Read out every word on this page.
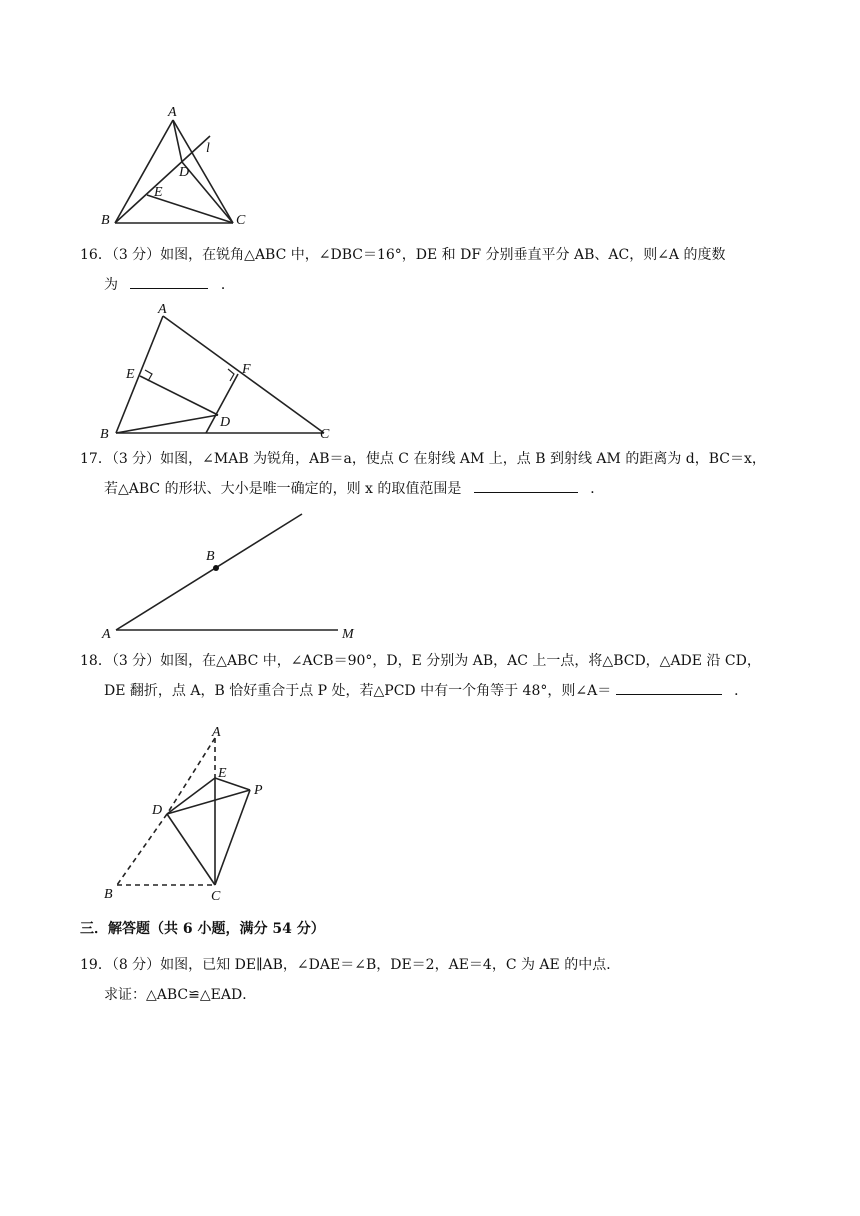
A
l
D
E
B	C
16．（3 分）如图，在锐角△ABC 中，∠DBC＝16°，DE 和 DF 分别垂直平分 AB、AC，则∠A 的度数
为	．
A
E	F
B
D
C
17．（3 分）如图，∠MAB 为锐角，AB＝a，使点 C 在射线 AM 上，点 B 到射线 AM 的距离为 d，BC＝x，
若△ABC 的形状、大小是唯一确定的，则 x 的取值范围是	．
B
A	M
18．（3 分）如图，在△ABC 中，∠ACB＝90°，D，E 分别为 AB，AC 上一点，将△BCD，△ADE 沿 CD，
DE 翻折，点 A，B 恰好重合于点 P 处，若△PCD 中有一个角等于 48°，则∠A＝	．
A
E
P
D
B	C
三．解答题（共 6 小题，满分 54 分）
19．（8 分）如图，已知 DE∥AB，∠DAE＝∠B，DE＝2，AE＝4，C 为 AE 的中点．
求证：△ABC≌△EAD．
